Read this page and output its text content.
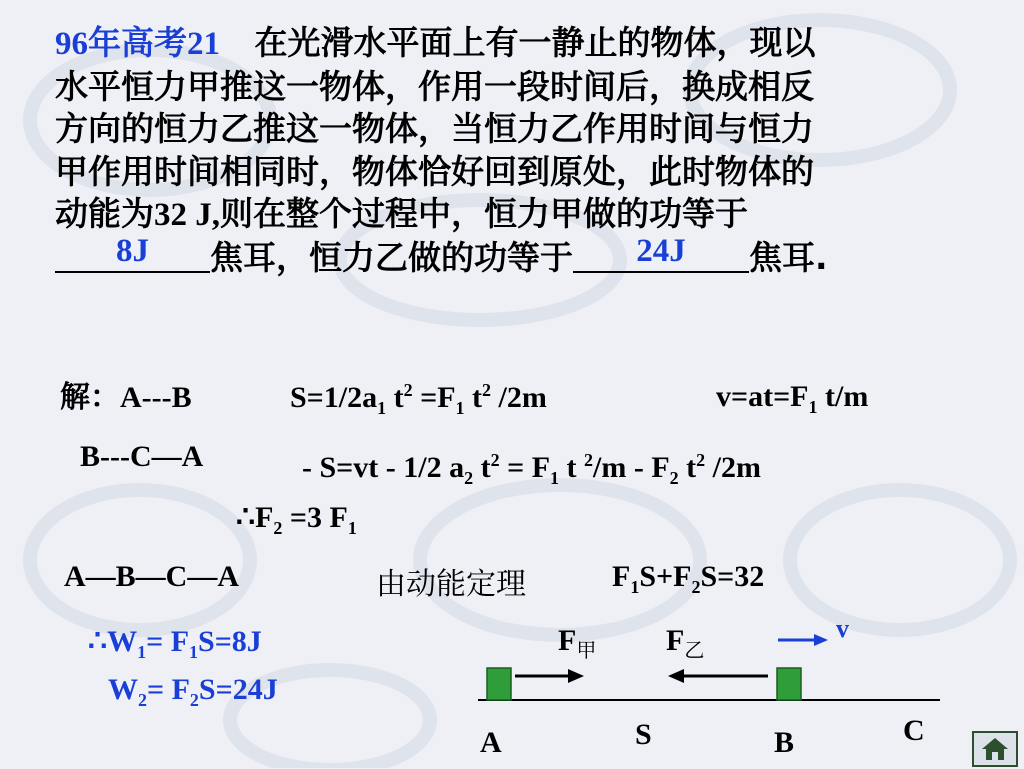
96年高考21 在光滑水平面上有一静止的物体，现以
水平恒力甲推这一物体，作用一段时间后，换成相反
方向的恒力乙推这一物体，当恒力乙作用时间与恒力
甲作用时间相同时，物体恰好回到原处，此时物体的
动能为32 J,则在整个过程中，恒力甲做的功等于
8J 焦耳，恒力乙做的功等于 24J 焦耳.
解：A---B	$S=1/2a_1$ $t^2 =F_1$ $t^2$ /2m	$v=at=F_1$ t/m
B---C—A	- S=vt - 1/2 $a_2$ $t^2 = F_1$ t $^2/m - F_2$ $t^2$ /2m
$\therefore F_2 =3$ $F_1$
A—B—C—A	由动能定理	$F_1S+F_2S=32$
$\therefore W_1= F_1S=8J$
$W_2= F_2S=24J$
$F_甲$ $F_乙$
v
A	S	B	C
